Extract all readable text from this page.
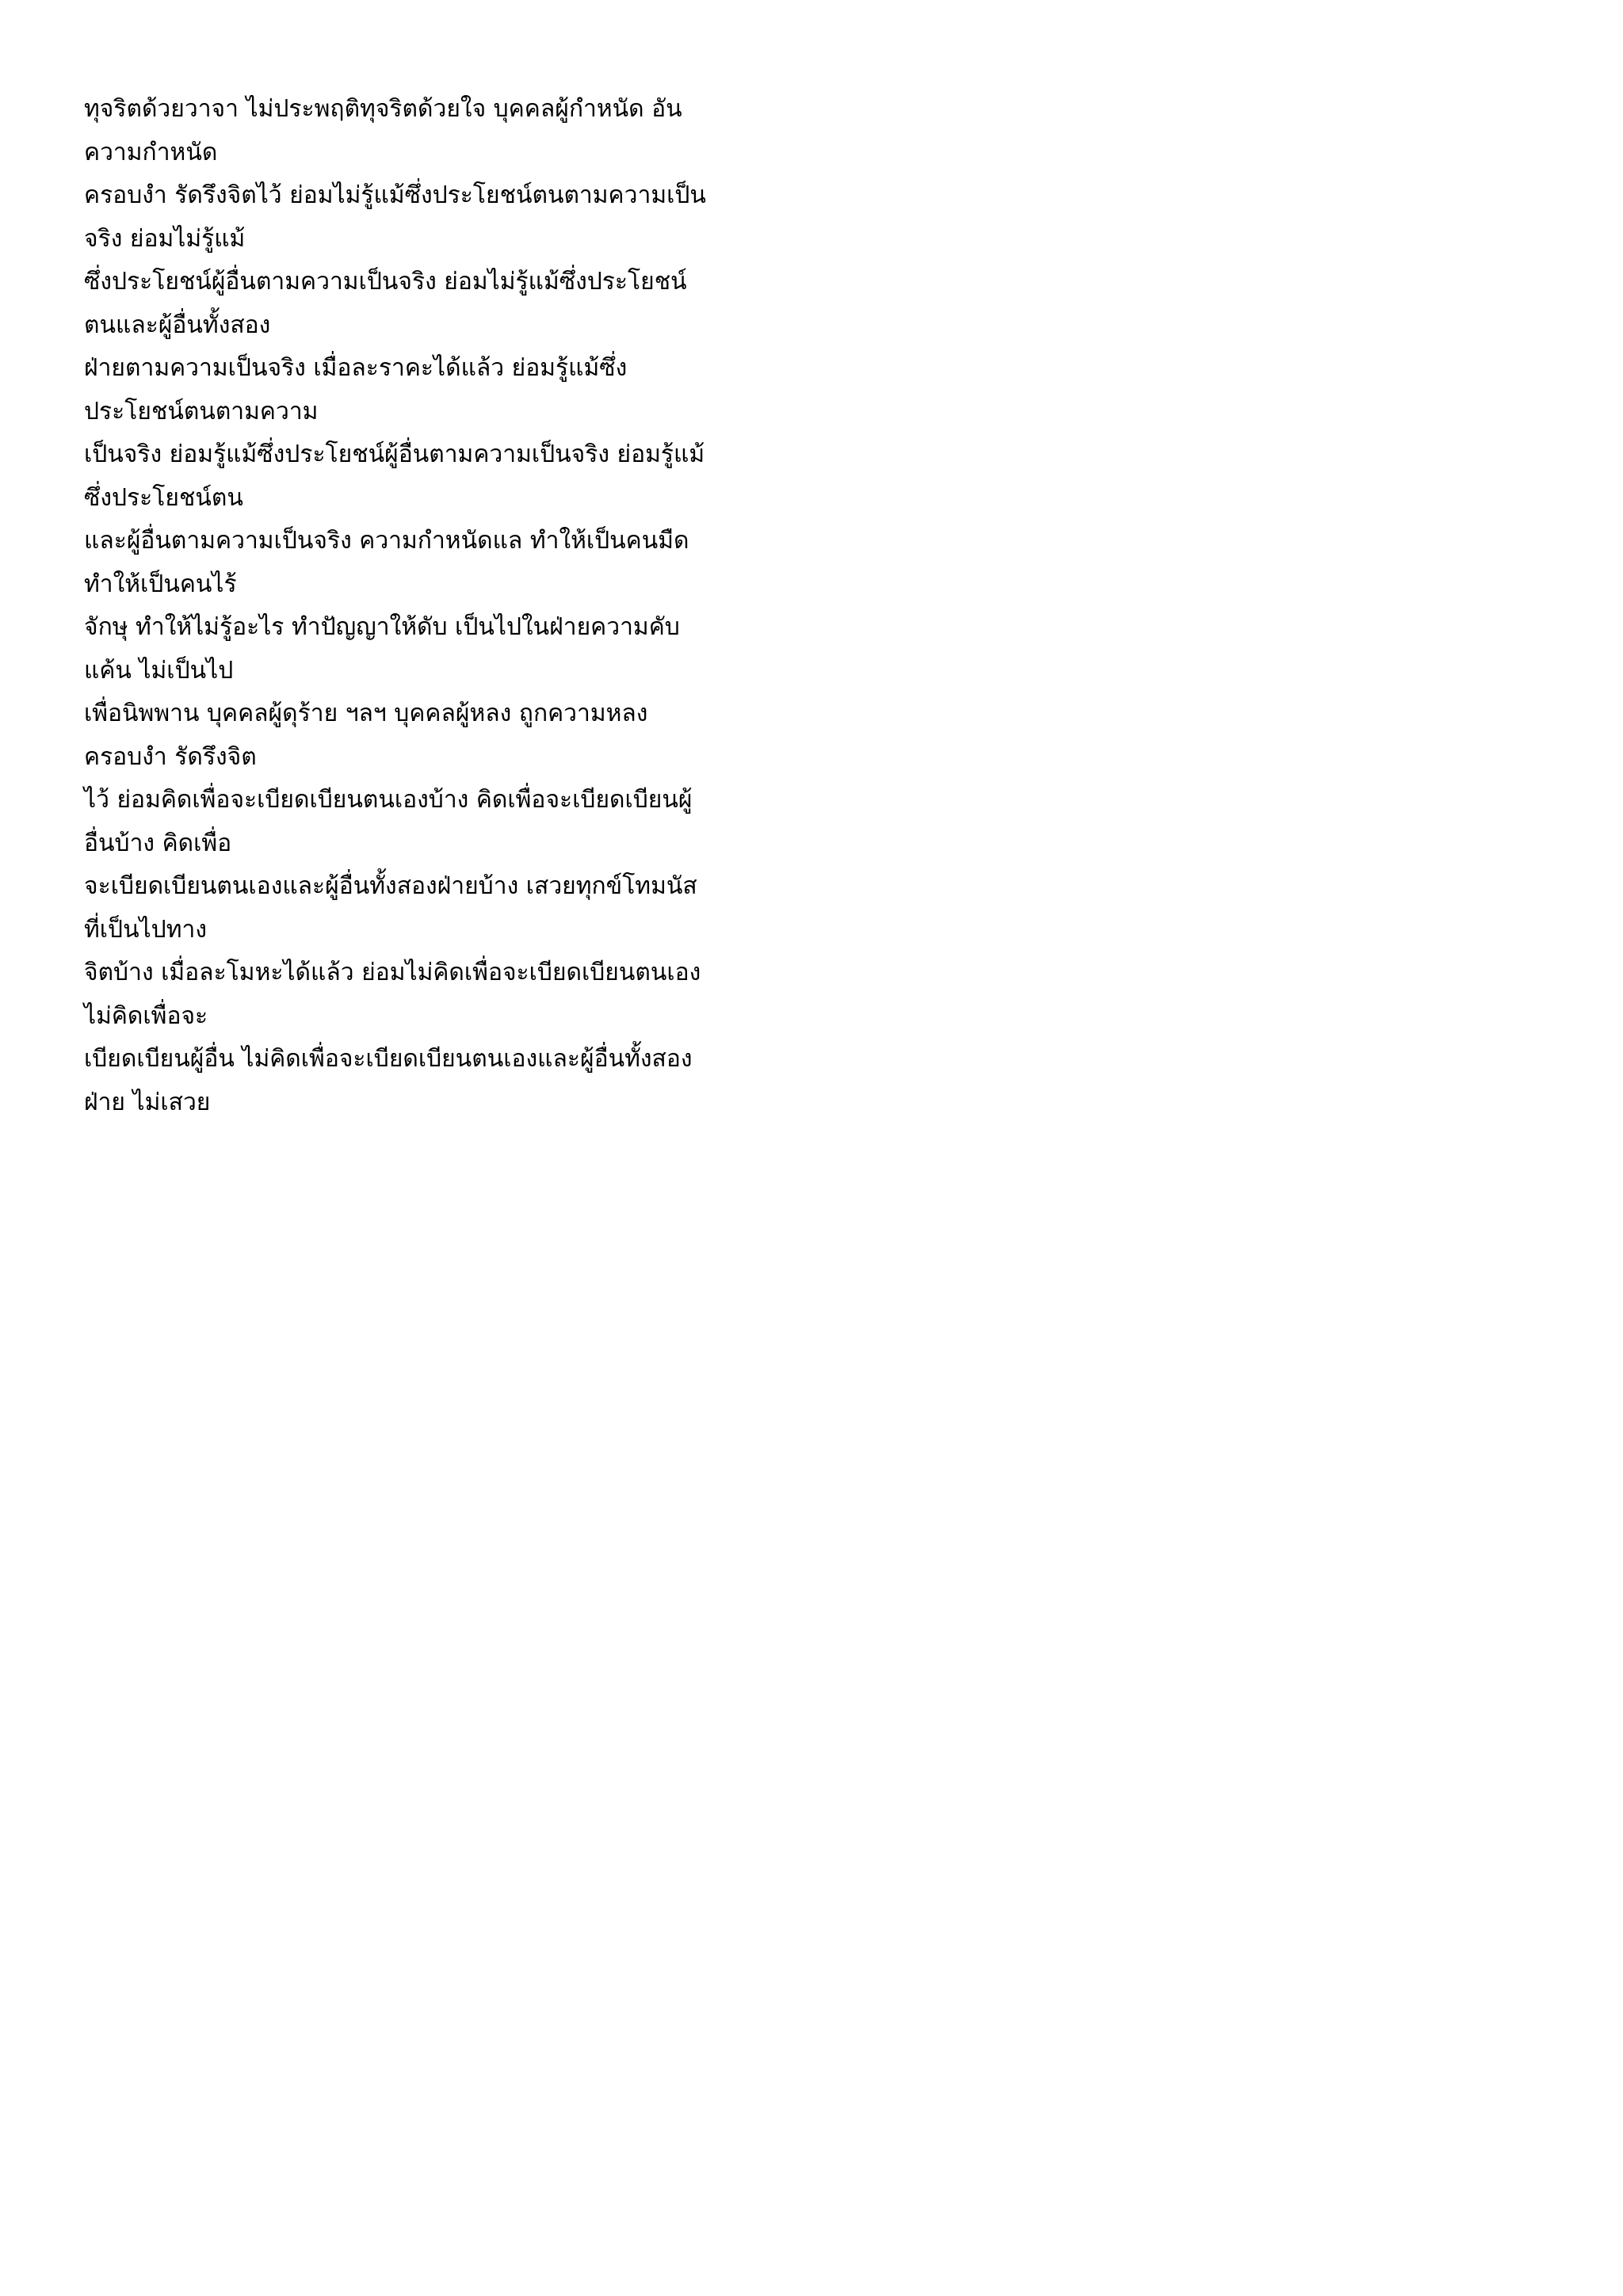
ทุจริตด้วยวาจา ไม่ประพฤติทุจริตด้วยใจ บุคคลผู้กำหนัด อัน
ความกำหนัด
ครอบงำ รัดรึงจิตไว้ ย่อมไม่รู้แม้ซึ่งประโยชน์ตนตามความเป็น
จริง ย่อมไม่รู้แม้
ซึ่งประโยชน์ผู้อื่นตามความเป็นจริง ย่อมไม่รู้แม้ซึ่งประโยชน์
ตนและผู้อื่นทั้งสอง
ฝ่ายตามความเป็นจริง เมื่อละราคะได้แล้ว ย่อมรู้แม้ซึ่ง
ประโยชน์ตนตามความ
เป็นจริง ย่อมรู้แม้ซึ่งประโยชน์ผู้อื่นตามความเป็นจริง ย่อมรู้แม้
ซึ่งประโยชน์ตน
และผู้อื่นตามความเป็นจริง ความกำหนัดแล ทำให้เป็นคนมืด
ทำให้เป็นคนไร้
จักษุ ทำให้ไม่รู้อะไร ทำปัญญาให้ดับ เป็นไปในฝ่ายความคับ
แค้น ไม่เป็นไป
เพื่อนิพพาน บุคคลผู้ดุร้าย ฯลฯ บุคคลผู้หลง ถูกความหลง
ครอบงำ รัดรึงจิต
ไว้ ย่อมคิดเพื่อจะเบียดเบียนตนเองบ้าง คิดเพื่อจะเบียดเบียนผู้
อื่นบ้าง คิดเพื่อ
จะเบียดเบียนตนเองและผู้อื่นทั้งสองฝ่ายบ้าง เสวยทุกข์โทมนัส
ที่เป็นไปทาง
จิตบ้าง เมื่อละโมหะได้แล้ว ย่อมไม่คิดเพื่อจะเบียดเบียนตนเอง
ไม่คิดเพื่อจะ
เบียดเบียนผู้อื่น ไม่คิดเพื่อจะเบียดเบียนตนเองและผู้อื่นทั้งสอง
ฝ่าย ไม่เสวย
